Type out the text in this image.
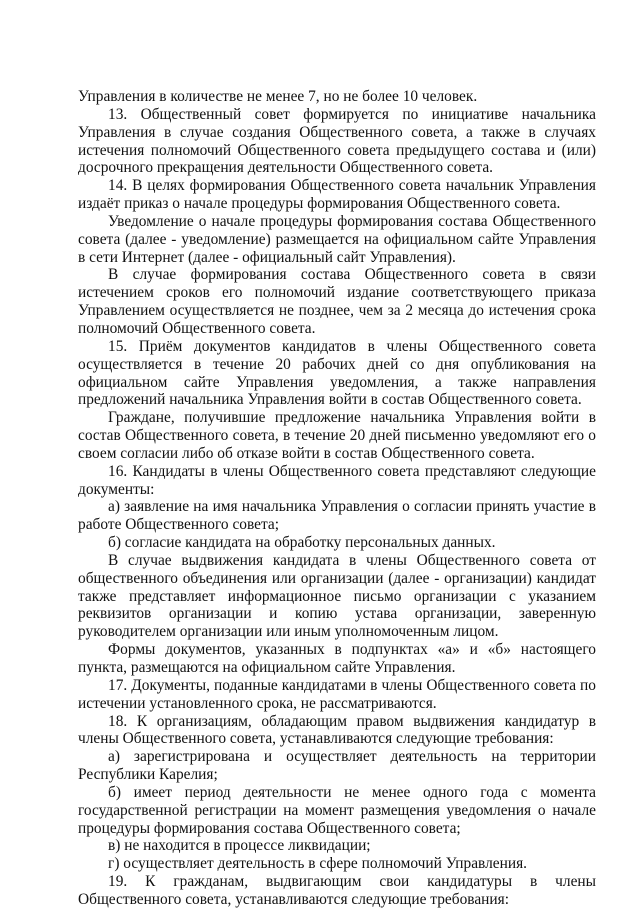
Управления в количестве не менее 7, но не более 10 человек.

13. Общественный совет формируется по инициативе начальника Управления в случае создания Общественного совета, а также в случаях истечения полномочий Общественного совета предыдущего состава и (или) досрочного прекращения деятельности Общественного совета.

14. В целях формирования Общественного совета начальник Управления издаёт приказ о начале процедуры формирования Общественного совета.

Уведомление о начале процедуры формирования состава Общественного совета (далее - уведомление) размещается на официальном сайте Управления в сети Интернет (далее - официальный сайт Управления).

В случае формирования состава Общественного совета в связи истечением сроков его полномочий издание соответствующего приказа Управлением осуществляется не позднее, чем за 2 месяца до истечения срока полномочий Общественного совета.

15. Приём документов кандидатов в члены Общественного совета осуществляется в течение 20 рабочих дней со дня опубликования на официальном сайте Управления уведомления, а также направления предложений начальника Управления войти в состав Общественного совета.

Граждане, получившие предложение начальника Управления войти в состав Общественного совета, в течение 20 дней письменно уведомляют его о своем согласии либо об отказе войти в состав Общественного совета.

16. Кандидаты в члены Общественного совета представляют следующие документы:

а) заявление на имя начальника Управления о согласии принять участие в работе Общественного совета;

б) согласие кандидата на обработку персональных данных.

В случае выдвижения кандидата в члены Общественного совета от общественного объединения или организации (далее - организации) кандидат также представляет информационное письмо организации с указанием реквизитов организации и копию устава организации, заверенную руководителем организации или иным уполномоченным лицом.

Формы документов, указанных в подпунктах «а» и «б» настоящего пункта, размещаются на официальном сайте Управления.

17. Документы, поданные кандидатами в члены Общественного совета по истечении установленного срока, не рассматриваются.

18. К организациям, обладающим правом выдвижения кандидатур в члены Общественного совета, устанавливаются следующие требования:

а) зарегистрирована и осуществляет деятельность на территории Республики Карелия;

б) имеет период деятельности не менее одного года с момента государственной регистрации на момент размещения уведомления о начале процедуры формирования состава Общественного совета;

в) не находится в процессе ликвидации;

г) осуществляет деятельность в сфере полномочий Управления.

19. К гражданам, выдвигающим свои кандидатуры в члены Общественного совета, устанавливаются следующие требования:
